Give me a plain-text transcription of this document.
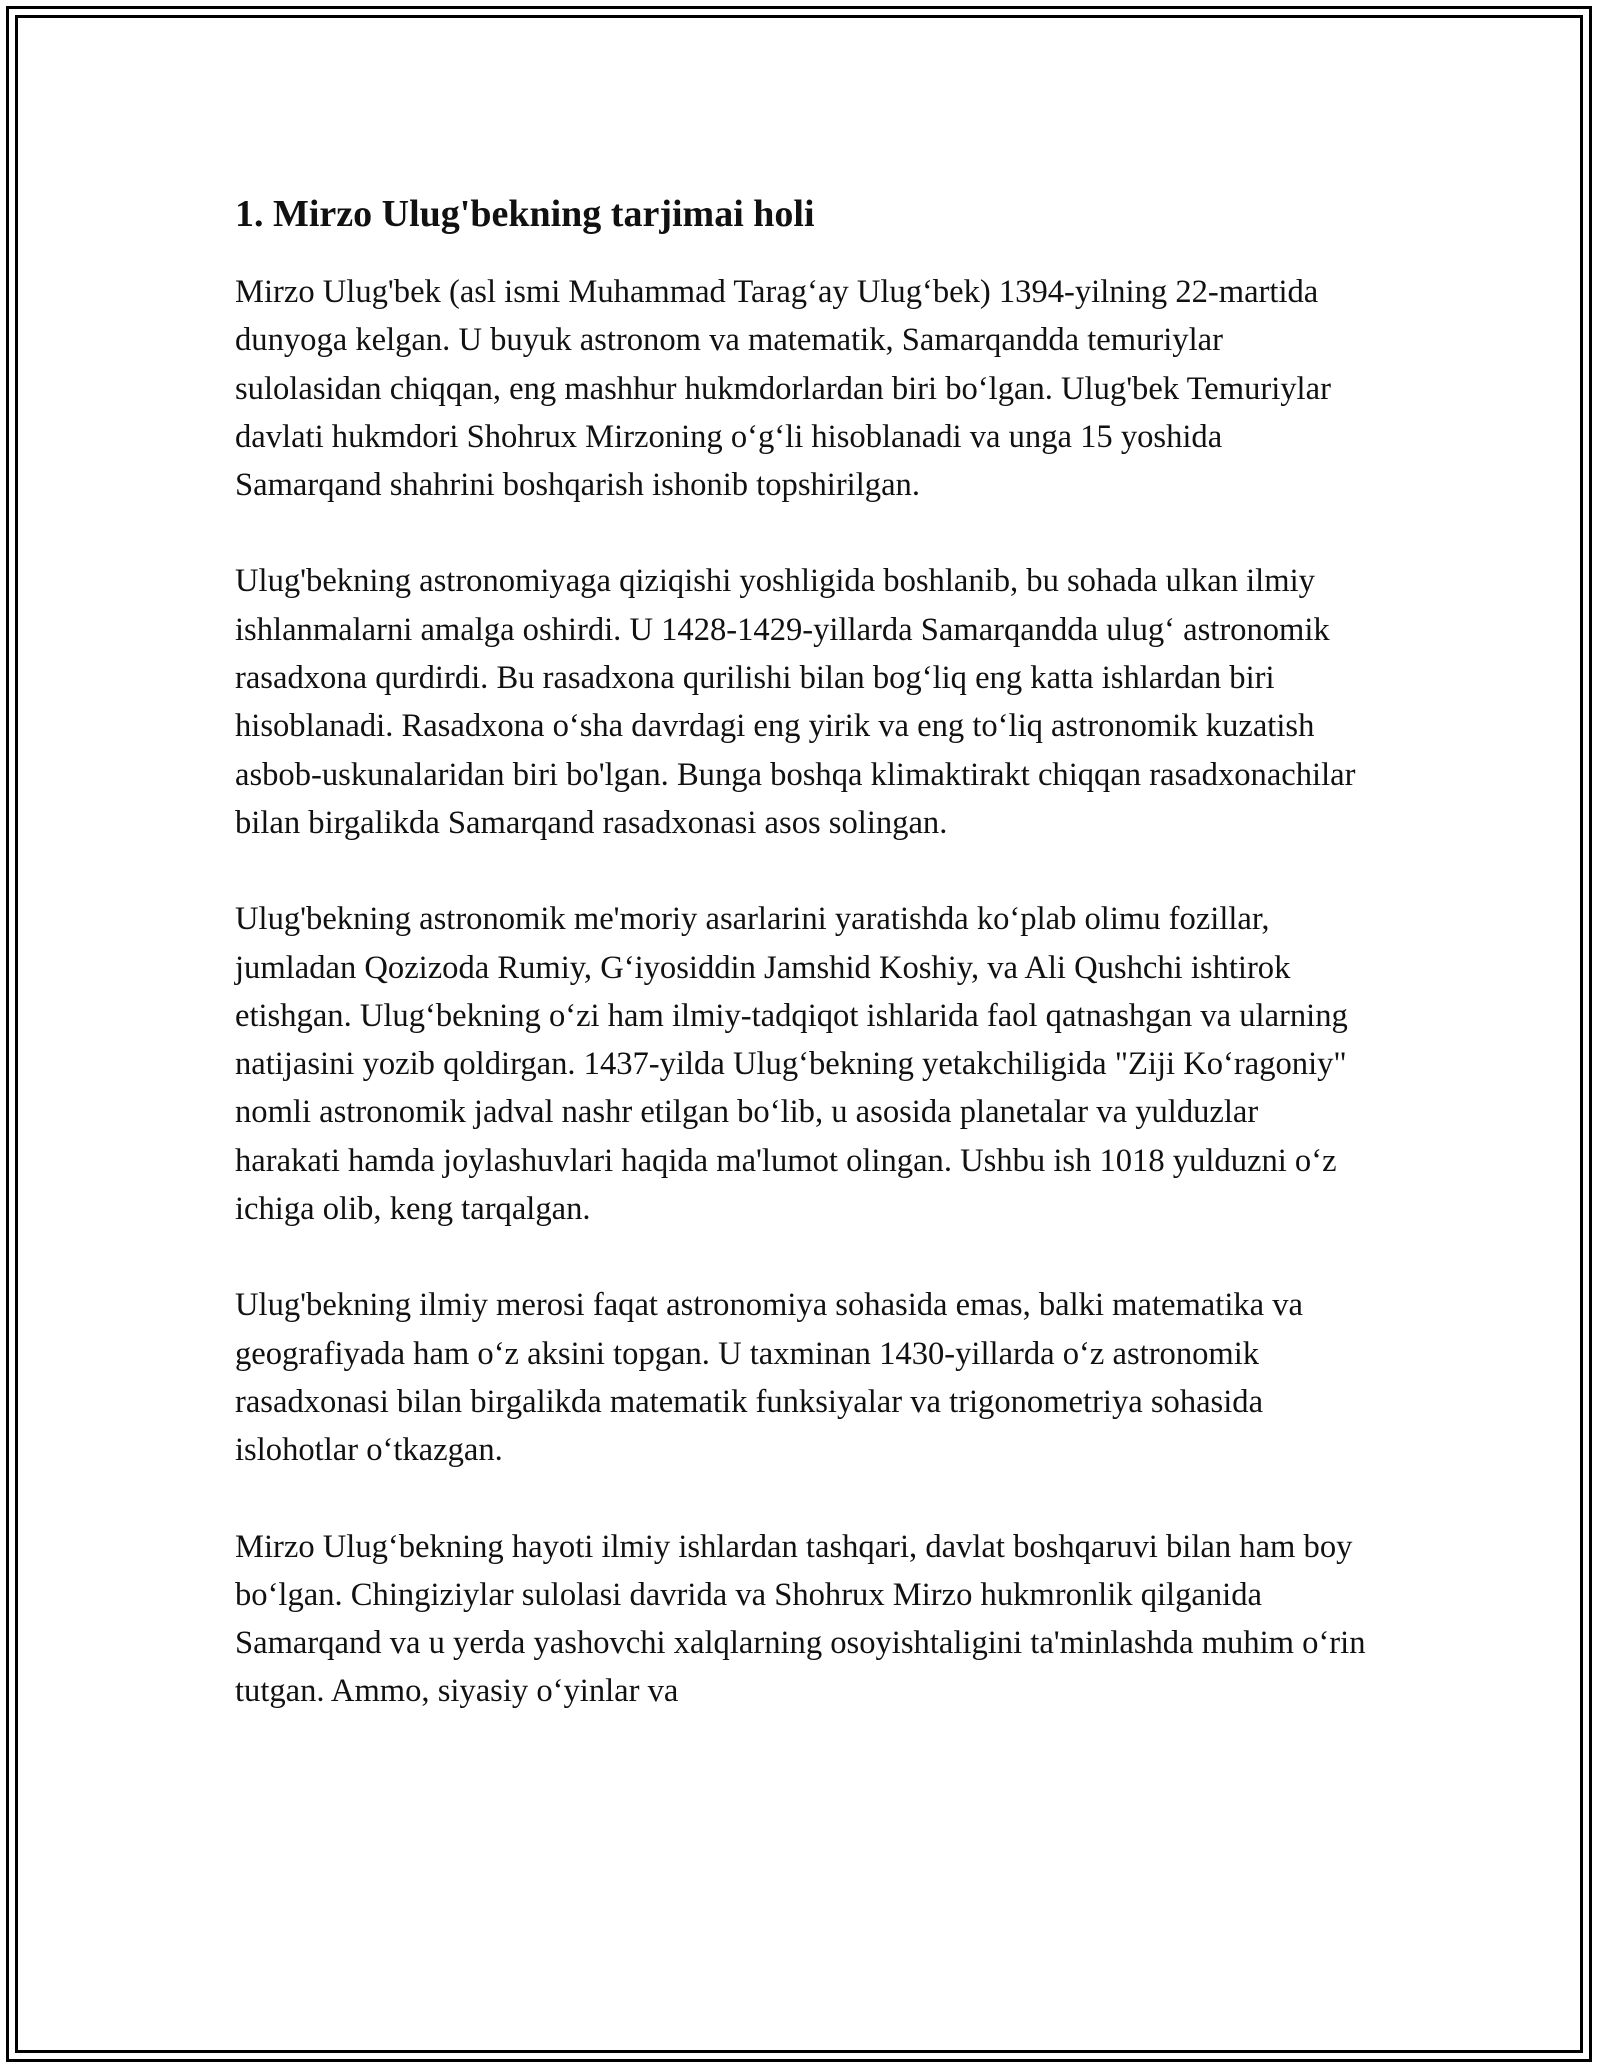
1. Mirzo Ulug'bekning tarjimai holi

Mirzo Ulug'bek (asl ismi Muhammad Tarag‘ay Ulug‘bek) 1394-yilning 22-martida dunyoga kelgan. U buyuk astronom va matematik, Samarqandda temuriylar sulolasidan chiqqan, eng mashhur hukmdorlardan biri bo‘lgan. Ulug'bek Temuriylar davlati hukmdori Shohrux Mirzoning o‘g‘li hisoblanadi va unga 15 yoshida Samarqand shahrini boshqarish ishonib topshirilgan.

Ulug'bekning astronomiyaga qiziqishi yoshligida boshlanib, bu sohada ulkan ilmiy ishlanmalarni amalga oshirdi. U 1428-1429-yillarda Samarqandda ulug‘ astronomik rasadxona qurdirdi. Bu rasadxona qurilishi bilan bog‘liq eng katta ishlardan biri hisoblanadi. Rasadxona o‘sha davrdagi eng yirik va eng to‘liq astronomik kuzatish asbob-uskunalaridan biri bo'lgan. Bunga boshqa klimaktirakt chiqqan rasadxonachilar bilan birgalikda Samarqand rasadxonasi asos solingan.

Ulug'bekning astronomik me'moriy asarlarini yaratishda ko‘plab olimu fozillar, jumladan Qozizoda Rumiy, G‘iyosiddin Jamshid Koshiy, va Ali Qushchi ishtirok etishgan. Ulug‘bekning o‘zi ham ilmiy-tadqiqot ishlarida faol qatnashgan va ularning natijasini yozib qoldirgan. 1437-yilda Ulug‘bekning yetakchiligida "Ziji Ko‘ragoniy" nomli astronomik jadval nashr etilgan bo‘lib, u asosida planetalar va yulduzlar harakati hamda joylashuvlari haqida ma'lumot olingan. Ushbu ish 1018 yulduzni o‘z ichiga olib, keng tarqalgan.

Ulug'bekning ilmiy merosi faqat astronomiya sohasida emas, balki matematika va geografiyada ham o‘z aksini topgan. U taxminan 1430-yillarda o‘z astronomik rasadxonasi bilan birgalikda matematik funksiyalar va trigonometriya sohasida islohotlar o‘tkazgan.

Mirzo Ulug‘bekning hayoti ilmiy ishlardan tashqari, davlat boshqaruvi bilan ham boy bo‘lgan. Chingiziylar sulolasi davrida va Shohrux Mirzo hukmronlik qilganida Samarqand va u yerda yashovchi xalqlarning osoyishtaligini ta'minlashda muhim o‘rin tutgan. Ammo, siyasiy o‘yinlar va
